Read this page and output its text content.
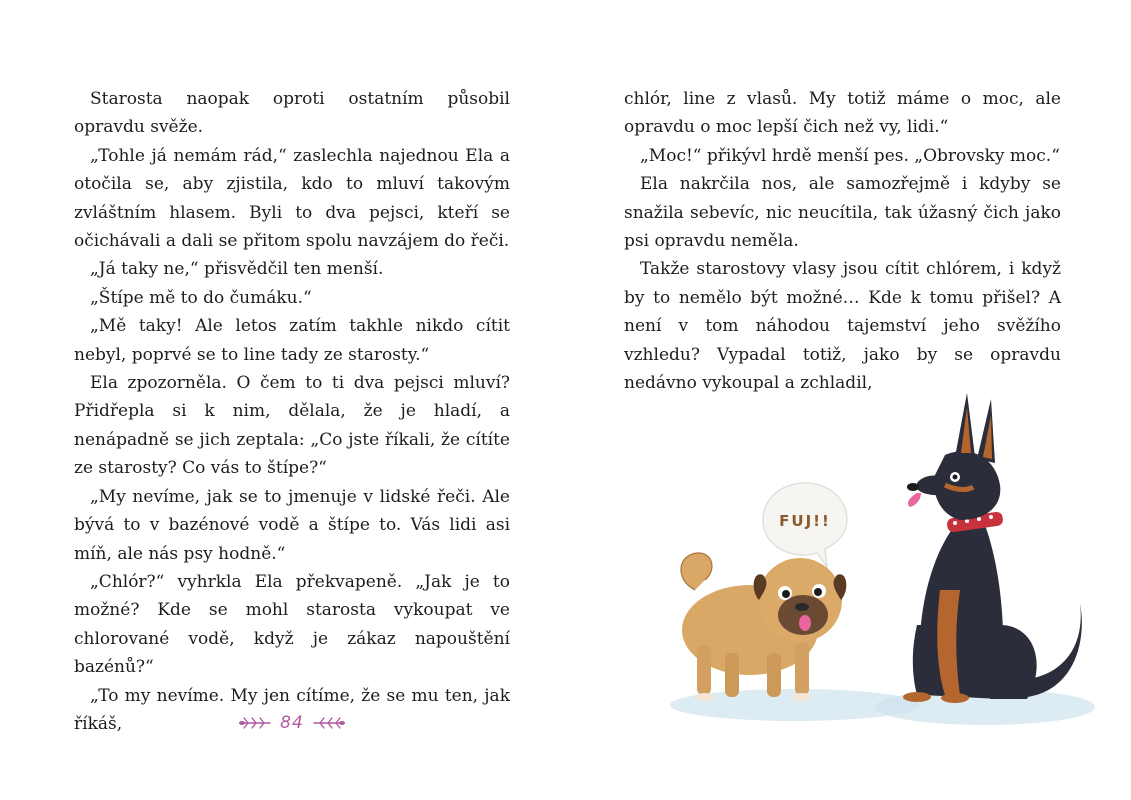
Starosta naopak oproti ostatním působil opravdu svěže.

„Tohle já nemám rád,“ zaslechla najednou Ela a otočila se, aby zjistila, kdo to mluví takovým zvláštním hlasem. Byli to dva pejsci, kteří se očichávali a dali se přitom spolu navzájem do řeči.

„Já taky ne,“ přisvědčil ten menší.

„Štípe mě to do čumáku.“

„Mě taky! Ale letos zatím takhle nikdo cítit nebyl, poprvé se to line tady ze starosty.“

Ela zpozorněla. O čem to ti dva pejsci mluví? Přidřepla si k nim, dělala, že je hladí, a nenápadně se jich zeptala: „Co jste říkali, že cítíte ze starosty? Co vás to štípe?“

„My nevíme, jak se to jmenuje v lidské řeči. Ale bývá to v bazénové vodě a štípe to. Vás lidi asi míň, ale nás psy hodně.“

„Chlór?“ vyhrkla Ela překvapeně. „Jak je to možné? Kde se mohl starosta vykoupat ve chlorované vodě, když je zákaz napouštění bazénů?“

„To my nevíme. My jen cítíme, že se mu ten, jak říkáš,	84

chlór, line z vlasů. My totiž máme o moc, ale opravdu o moc lepší čich než vy, lidi.“

„Moc!“ přikývl hrdě menší pes. „Obrovsky moc.“

Ela nakrčila nos, ale samozřejmě i kdyby se snažila sebevíc, nic neucítila, tak úžasný čich jako psi opravdu neměla.

Takže starostovy vlasy jsou cítit chlórem, i když by to nemělo být možné… Kde k tomu přišel? A není v tom náhodou tajemství jeho svěžího vzhledu? Vypadal totiž, jako by se opravdu nedávno vykoupal a zchladil,

FUJ!!
